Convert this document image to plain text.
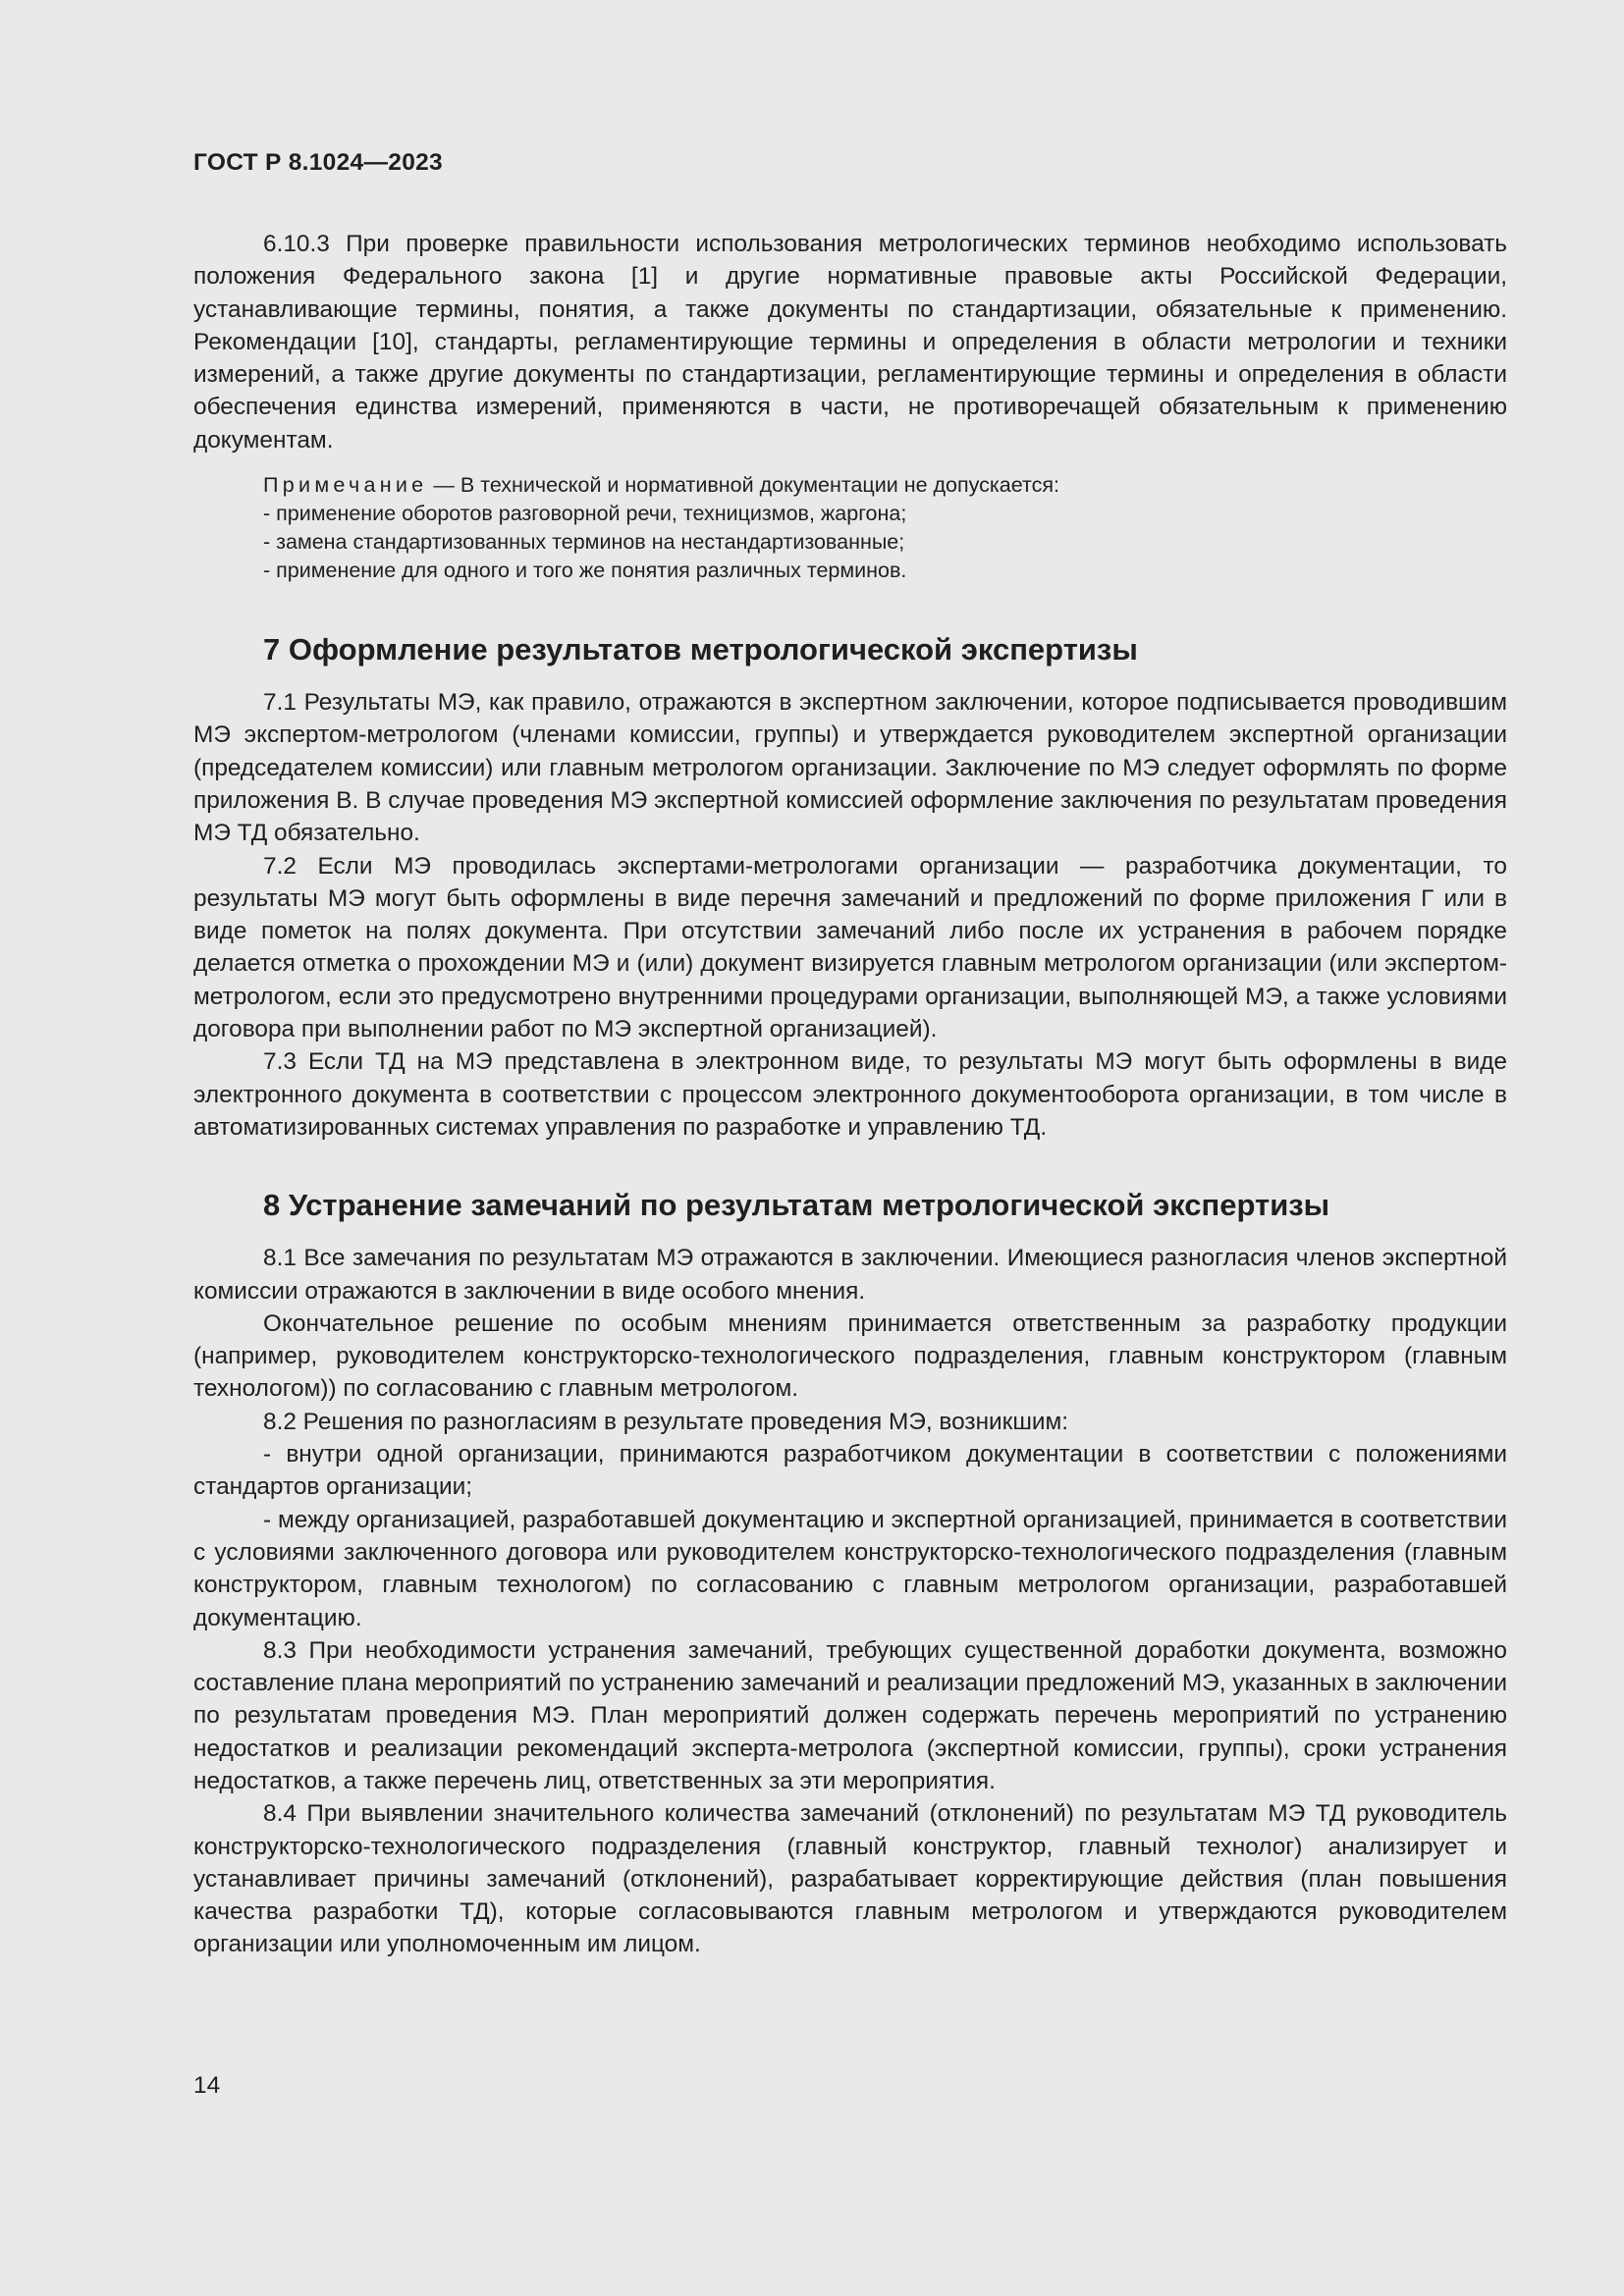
ГОСТ Р 8.1024—2023

6.10.3 При проверке правильности использования метрологических терминов необходимо использовать положения Федерального закона [1] и другие нормативные правовые акты Российской Федерации, устанавливающие термины, понятия, а также документы по стандартизации, обязательные к применению. Рекомендации [10], стандарты, регламентирующие термины и определения в области метрологии и техники измерений, а также другие документы по стандартизации, регламентирующие термины и определения в области обеспечения единства измерений, применяются в части, не противоречащей обязательным к применению документам.

Примечание — В технической и нормативной документации не допускается:
- применение оборотов разговорной речи, техницизмов, жаргона;
- замена стандартизованных терминов на нестандартизованные;
- применение для одного и того же понятия различных терминов.
7 Оформление результатов метрологической экспертизы

7.1 Результаты МЭ, как правило, отражаются в экспертном заключении, которое подписывается проводившим МЭ экспертом-метрологом (членами комиссии, группы) и утверждается руководителем экспертной организации (председателем комиссии) или главным метрологом организации. Заключение по МЭ следует оформлять по форме приложения В. В случае проведения МЭ экспертной комиссией оформление заключения по результатам проведения МЭ ТД обязательно.

7.2 Если МЭ проводилась экспертами-метрологами организации — разработчика документации, то результаты МЭ могут быть оформлены в виде перечня замечаний и предложений по форме приложения Г или в виде пометок на полях документа. При отсутствии замечаний либо после их устранения в рабочем порядке делается отметка о прохождении МЭ и (или) документ визируется главным метрологом организации (или экспертом-метрологом, если это предусмотрено внутренними процедурами организации, выполняющей МЭ, а также условиями договора при выполнении работ по МЭ экспертной организацией).

7.3 Если ТД на МЭ представлена в электронном виде, то результаты МЭ могут быть оформлены в виде электронного документа в соответствии с процессом электронного документооборота организации, в том числе в автоматизированных системах управления по разработке и управлению ТД.

8 Устранение замечаний по результатам метрологической экспертизы

8.1 Все замечания по результатам МЭ отражаются в заключении. Имеющиеся разногласия членов экспертной комиссии отражаются в заключении в виде особого мнения.

Окончательное решение по особым мнениям принимается ответственным за разработку продукции (например, руководителем конструкторско-технологического подразделения, главным конструктором (главным технологом)) по согласованию с главным метрологом.

8.2 Решения по разногласиям в результате проведения МЭ, возникшим:

- внутри одной организации, принимаются разработчиком документации в соответствии с положениями стандартов организации;

- между организацией, разработавшей документацию и экспертной организацией, принимается в соответствии с условиями заключенного договора или руководителем конструкторско-технологического подразделения (главным конструктором, главным технологом) по согласованию с главным метрологом организации, разработавшей документацию.

8.3 При необходимости устранения замечаний, требующих существенной доработки документа, возможно составление плана мероприятий по устранению замечаний и реализации предложений МЭ, указанных в заключении по результатам проведения МЭ. План мероприятий должен содержать перечень мероприятий по устранению недостатков и реализации рекомендаций эксперта-метролога (экспертной комиссии, группы), сроки устранения недостатков, а также перечень лиц, ответственных за эти мероприятия.

8.4 При выявлении значительного количества замечаний (отклонений) по результатам МЭ ТД руководитель конструкторско-технологического подразделения (главный конструктор, главный технолог) анализирует и устанавливает причины замечаний (отклонений), разрабатывает корректирующие действия (план повышения качества разработки ТД), которые согласовываются главным метрологом и утверждаются руководителем организации или уполномоченным им лицом.

14
